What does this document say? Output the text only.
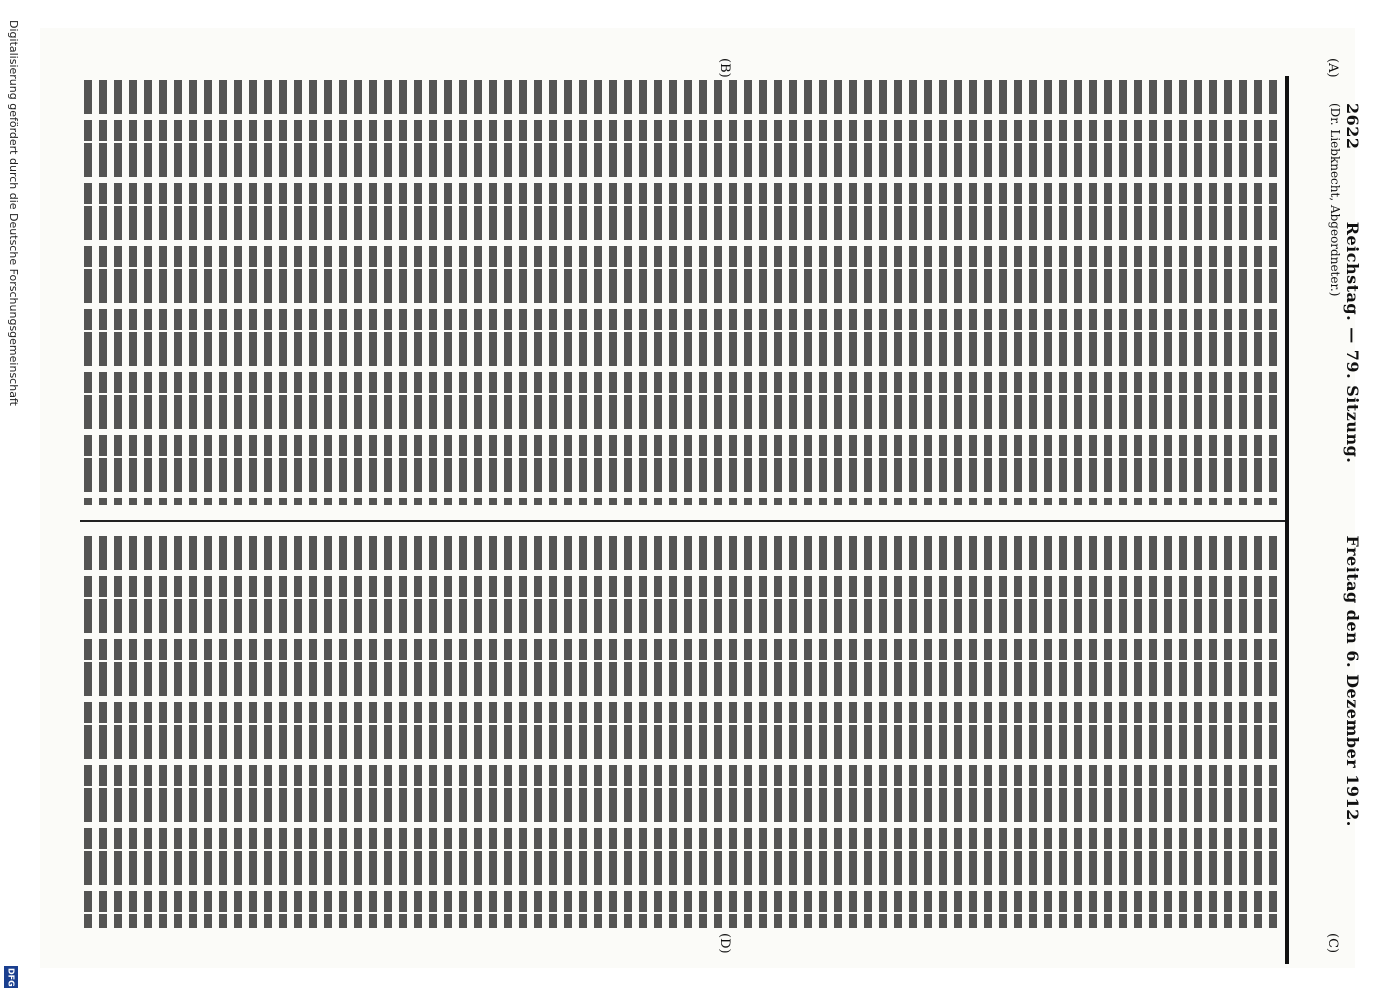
2622  Reichstag. — 79. Sitzung.  Freitag den 6. Dezember 1912.
(Dr. Liebknecht, Abgeordneter.)
(A)
(B)
(C)
(D)
Digitalisierung gefördert durch die Deutsche Forschungsgemeinschaft
DFG
